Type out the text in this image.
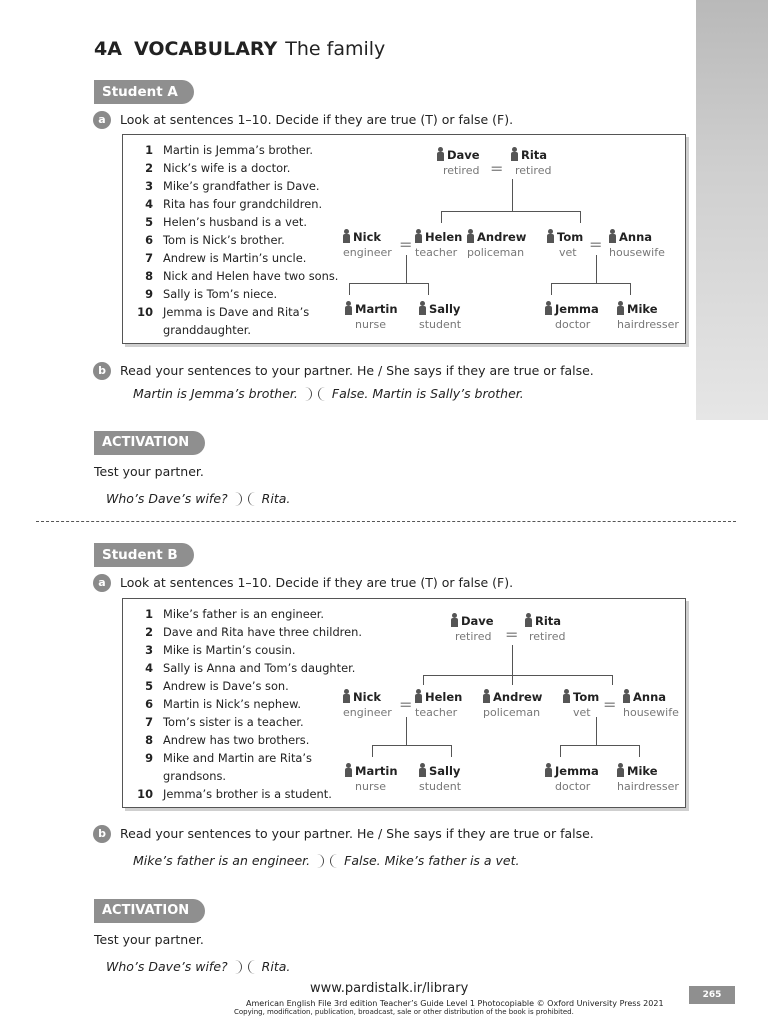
4A VOCABULARY The family
Student A
a	Look at sentences 1–10. Decide if they are true (T) or false (F).
1 Martin is Jemma’s brother.
2 Nick’s wife is a doctor.
3 Mike’s grandfather is Dave.
4 Rita has four grandchildren.
5 Helen’s husband is a vet.
6 Tom is Nick’s brother.
7 Andrew is Martin’s uncle.
8 Nick and Helen have two sons.
9 Sally is Tom’s niece.
10 Jemma is Dave and Rita’s granddaughter.
Dave
retired =
Rita
retired
Nick
engineer =	Helen
teacher
Andrew
policeman
Tom
vet =	Anna
housewife
Martin
nurse
Sally
student
Jemma
doctor
Mike
hairdresser
b	Read your sentences to your partner. He / She says if they are true or false.
Martin is Jemma’s brother.	False. Martin is Sally’s brother.
ACTIVATION
Test your partner.
Who’s Dave’s wife?	Rita.
Student B
a	Look at sentences 1–10. Decide if they are true (T) or false (F).
1 Mike’s father is an engineer.
2 Dave and Rita have three children.
3 Mike is Martin’s cousin.
4 Sally is Anna and Tom’s daughter.
5 Andrew is Dave’s son.
6 Martin is Nick’s nephew.
7 Tom’s sister is a teacher.
8 Andrew has two brothers.
9 Mike and Martin are Rita’s grandsons.
10 Jemma’s brother is a student.
Dave
retired =
Rita
retired
Nick
engineer =	Helen
teacher
Andrew
policeman
Tom
vet =	Anna
housewife
Martin
nurse
Sally
student
Jemma
doctor
Mike
hairdresser
b	Read your sentences to your partner. He / She says if they are true or false.
Mike’s father is an engineer.	False. Mike’s father is a vet.
ACTIVATION
Test your partner.
Who’s Dave’s wife?	Rita.
www.pardistalk.ir/library
American English File 3rd edition Teacher’s Guide Level 1 Photocopiable © Oxford University Press 2021
Copying, modification, publication, broadcast, sale or other distribution of the book is prohibited.
265
